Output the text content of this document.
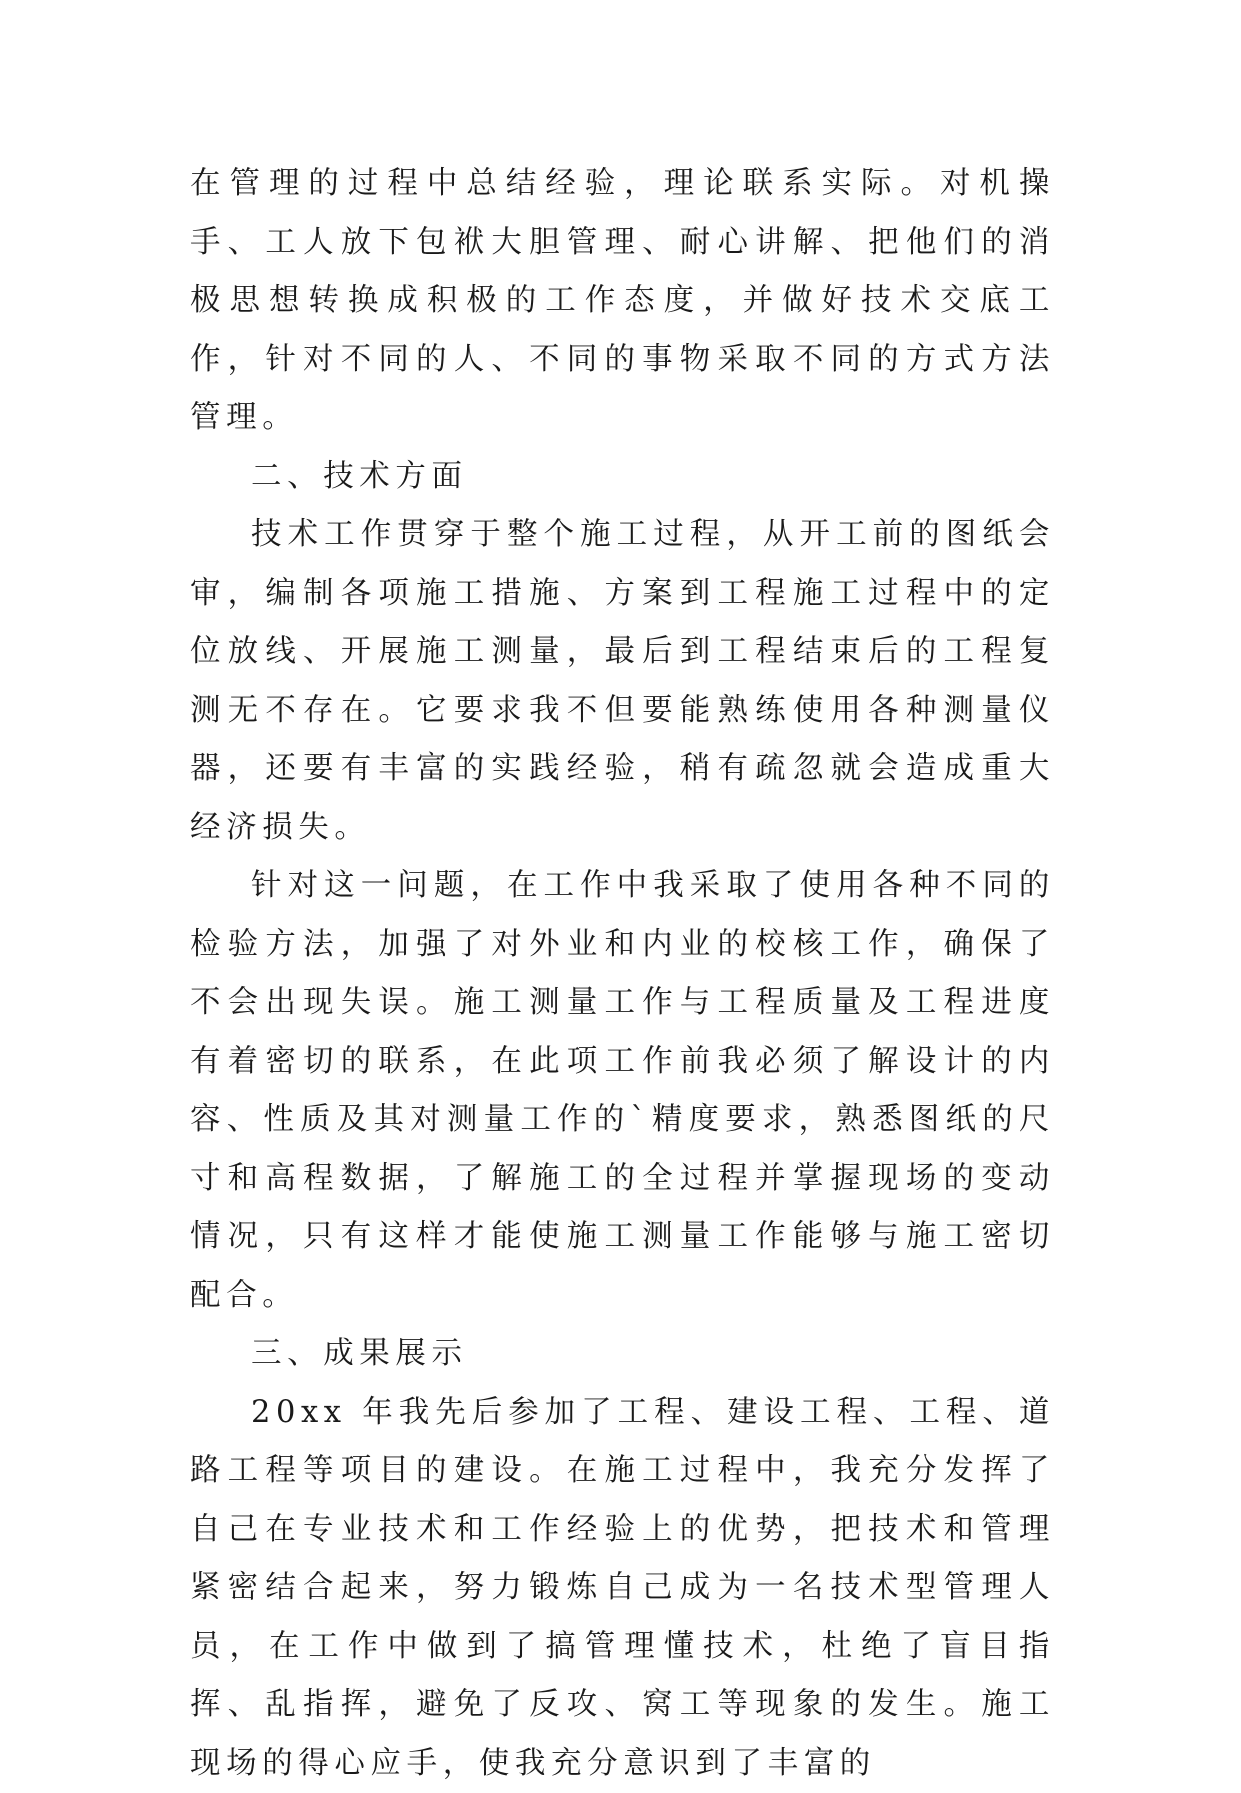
在管理的过程中总结经验，理论联系实际。对机操手、工人放下包袱大胆管理、耐心讲解、把他们的消极思想转换成积极的工作态度，并做好技术交底工作，针对不同的人、不同的事物采取不同的方式方法管理。

二、技术方面

技术工作贯穿于整个施工过程，从开工前的图纸会审，编制各项施工措施、方案到工程施工过程中的定位放线、开展施工测量，最后到工程结束后的工程复测无不存在。它要求我不但要能熟练使用各种测量仪器，还要有丰富的实践经验，稍有疏忽就会造成重大经济损失。

针对这一问题，在工作中我采取了使用各种不同的检验方法，加强了对外业和内业的校核工作，确保了不会出现失误。施工测量工作与工程质量及工程进度有着密切的联系，在此项工作前我必须了解设计的内容、性质及其对测量工作的`精度要求，熟悉图纸的尺寸和高程数据，了解施工的全过程并掌握现场的变动情况，只有这样才能使施工测量工作能够与施工密切配合。

三、成果展示

20xx 年我先后参加了工程、建设工程、工程、道路工程等项目的建设。在施工过程中，我充分发挥了自己在专业技术和工作经验上的优势，把技术和管理紧密结合起来，努力锻炼自己成为一名技术型管理人员，在工作中做到了搞管理懂技术，杜绝了盲目指挥、乱指挥，避免了反攻、窝工等现象的发生。施工现场的得心应手，使我充分意识到了丰富的
